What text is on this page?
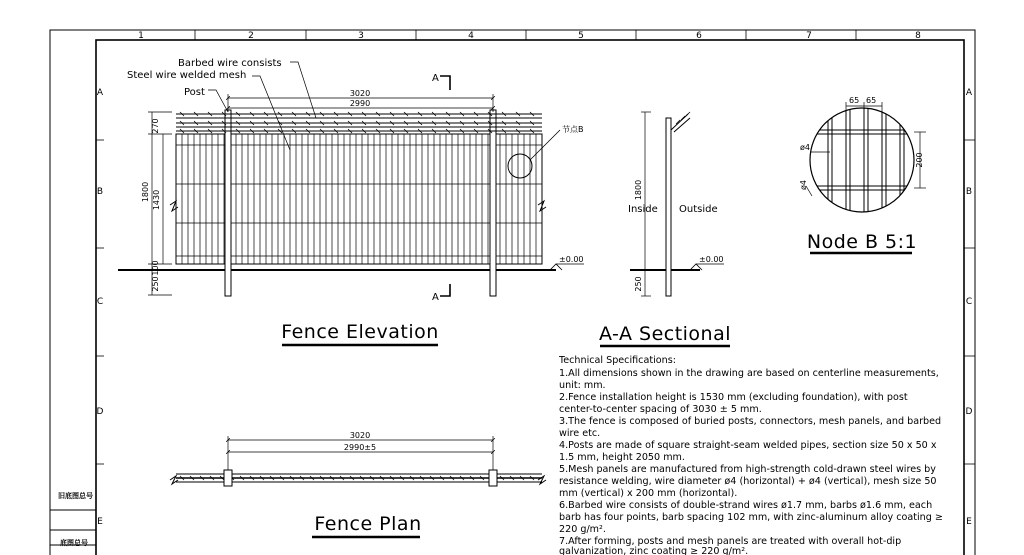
1	2	3	4	5	6	7	8
A
B
C
D
E
A
B
C
D
E
旧底图总号
底图总号
节点B
A
A
3020
2990
270
1800 1430
100
250
±0.00
Barbed wire consists
Steel wire welded mesh
Post
Fence Elevation
1800
250
Inside Outside
±0.00
A-A Sectional
65 65
ø4
ø4
200
Node B 5:1
3020
2990±5
Fence Plan
Technical Specifications:
1.All dimensions shown in the drawing are based on centerline measurements,
unit: mm.
2.Fence installation height is 1530 mm (excluding foundation), with post
center-to-center spacing of 3030 ± 5 mm.
3.The fence is composed of buried posts, connectors, mesh panels, and barbed
wire etc.
4.Posts are made of square straight-seam welded pipes, section size 50 x 50 x
1.5 mm, height 2050 mm.
5.Mesh panels are manufactured from high-strength cold-drawn steel wires by
resistance welding, wire diameter ø4 (horizontal) + ø4 (vertical), mesh size 50
mm (vertical) x 200 mm (horizontal).
6.Barbed wire consists of double-strand wires ø1.7 mm, barbs ø1.6 mm, each
barb has four points, barb spacing 102 mm, with zinc-aluminum alloy coating ≥
220 g/m².
7.After forming, posts and mesh panels are treated with overall hot-dip
galvanization, zinc coating ≥ 220 g/m².
